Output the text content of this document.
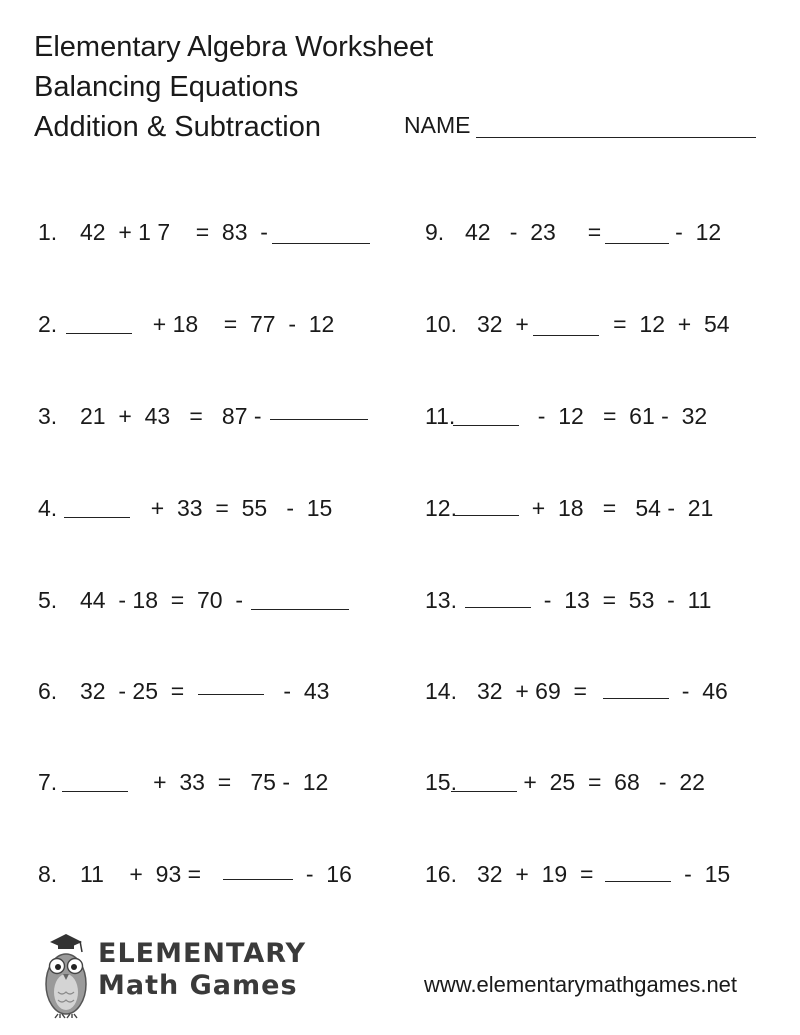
Elementary Algebra Worksheet
Balancing Equations
Addition & Subtraction	NAME
1. 42  + 1 7    =  83  -
2.	+ 18    =  77  -  12
3. 21  +  43   =   87 -
4.	+  33  =  55   -  15
5. 44  - 18  =  70  -
6. 32  - 25  =	-  43
7.	+  33  =   75 -  12
8. 11    +  93 =	-  16
9. 42   -  23     =	-  12
10. 32  +	=  12  +  54
11.	-  12   =  61 -  32
12.	+  18   =   54 -  21
13.	-  13  =  53  -  11
14. 32  + 69  =	-  46
15.	+  25  =  68   -  22
16. 32  +  19  =	-  15
ELEMENTARY
Math Games	www.elementarymathgames.net
